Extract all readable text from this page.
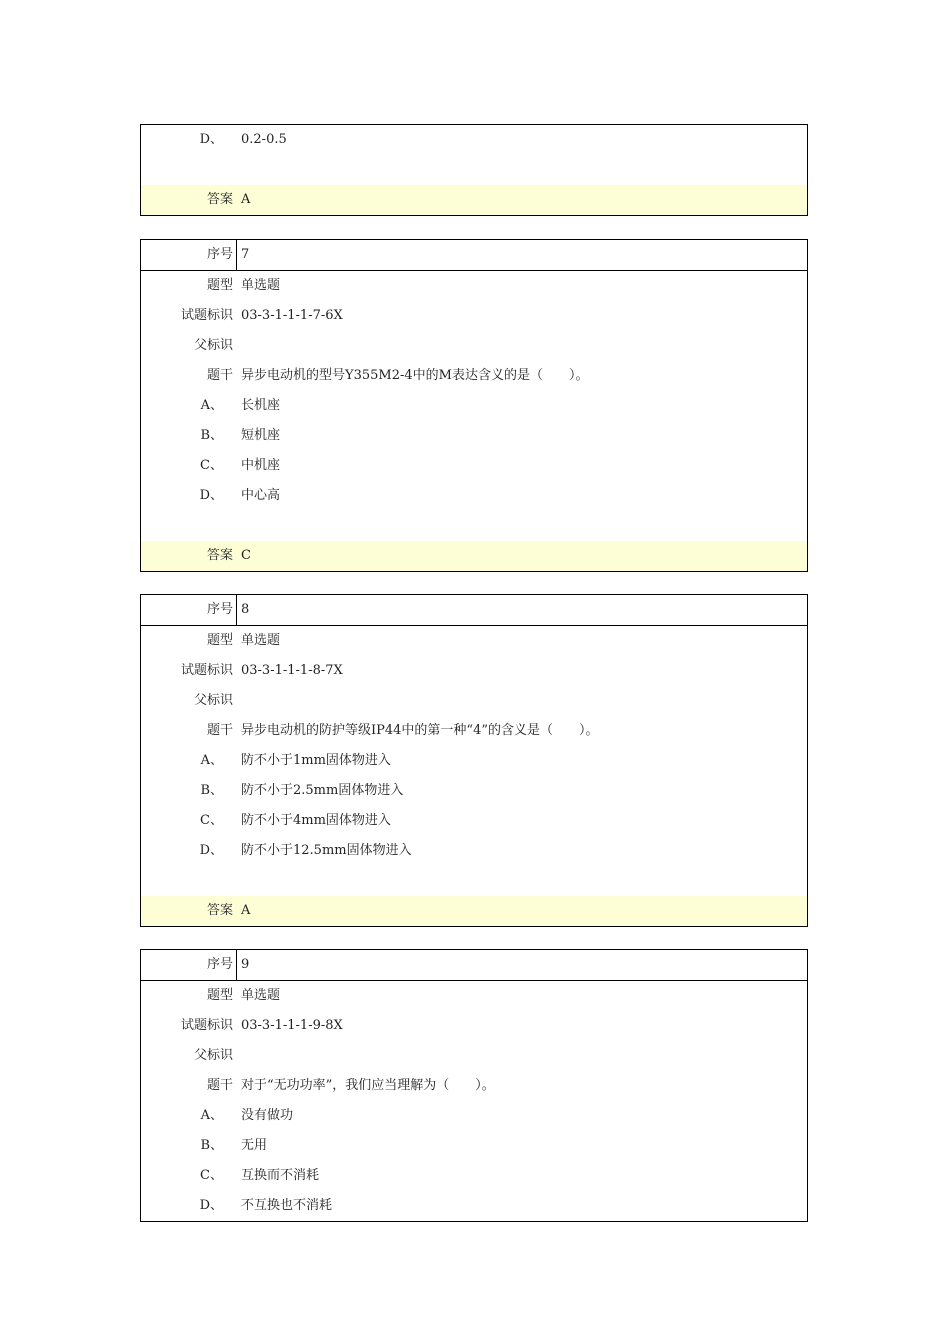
D、 0.2-0.5
答案 A
序号 7
题型 单选题
试题标识 03-3-1-1-1-7-6X
父标识
题干 异步电动机的型号Y355M2-4中的M表达含义的是（　　）。
A、 长机座
B、 短机座
C、 中机座
D、 中心高
答案 C
序号 8
题型 单选题
试题标识 03-3-1-1-1-8-7X
父标识
题干 异步电动机的防护等级IP44中的第一种“4”的含义是（　　）。
A、 防不小于1mm固体物进入
B、 防不小于2.5mm固体物进入
C、 防不小于4mm固体物进入
D、 防不小于12.5mm固体物进入
答案 A
序号 9
题型 单选题
试题标识 03-3-1-1-1-9-8X
父标识
题干 对于“无功功率”，我们应当理解为（　　）。
A、 没有做功
B、 无用
C、 互换而不消耗
D、 不互换也不消耗
